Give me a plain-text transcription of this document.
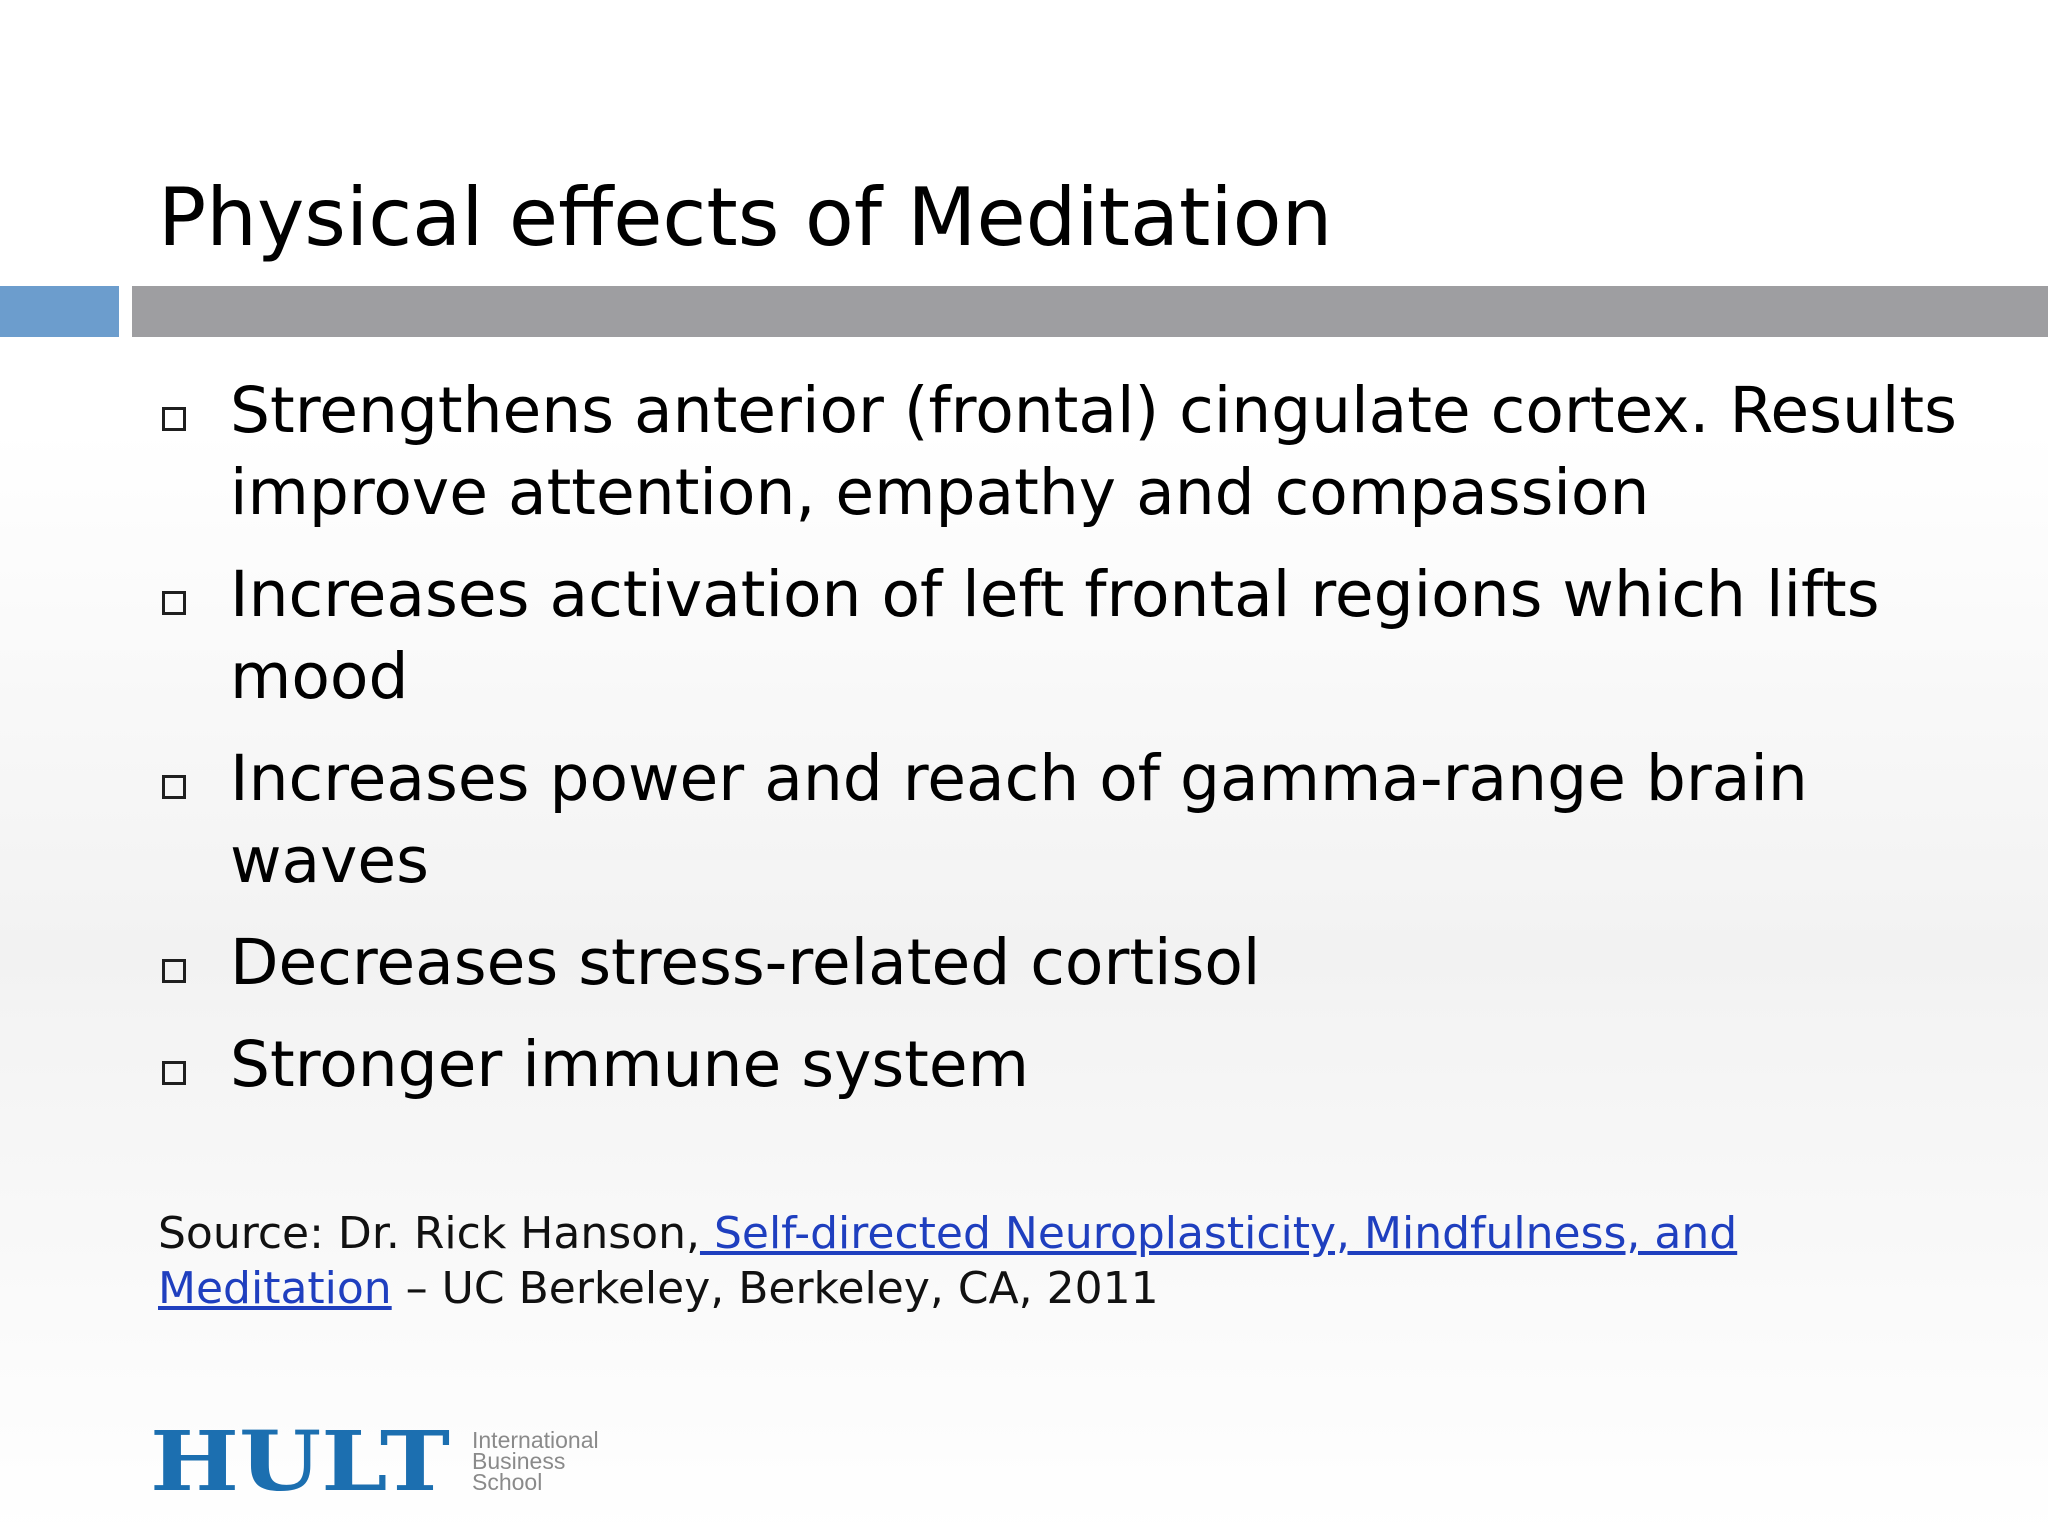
Physical effects of Meditation
Strengthens anterior (frontal) cingulate cortex. Results improve attention, empathy and compassion
Increases activation of left frontal regions which lifts mood
Increases power and reach of gamma-range brain waves
Decreases stress-related cortisol
Stronger immune system
Source: Dr. Rick Hanson, Self-directed Neuroplasticity, Mindfulness, and Meditation – UC Berkeley, Berkeley, CA, 2011
HULT International
Business
School
